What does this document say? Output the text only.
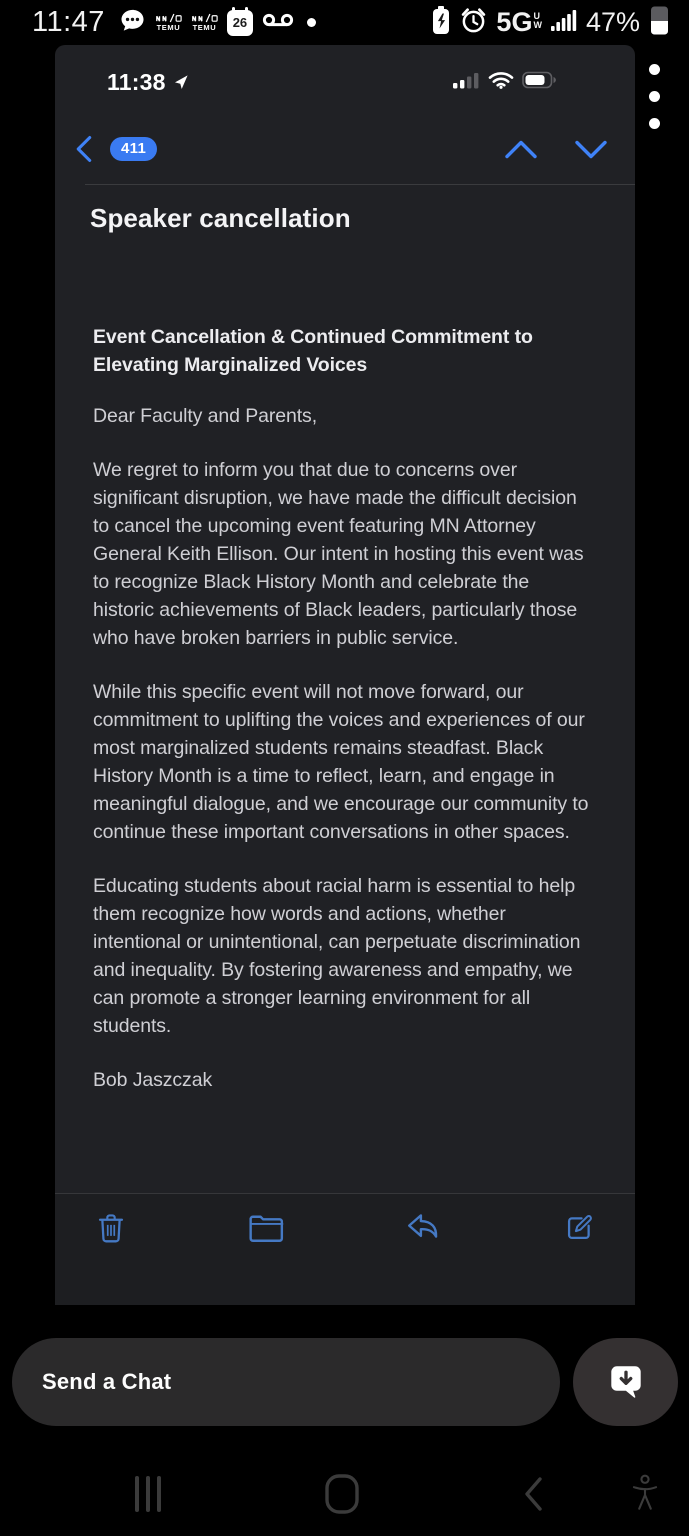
11:47	TEMU TEMU	26	5G U
W 47%
11:38
411
Speaker cancellation

Event Cancellation & Continued Commitment to Elevating Marginalized Voices

Dear Faculty and Parents,

We regret to inform you that due to concerns over significant disruption, we have made the difficult decision to cancel the upcoming event featuring MN Attorney General Keith Ellison. Our intent in hosting this event was to recognize Black History Month and celebrate the historic achievements of Black leaders, particularly those who have broken barriers in public service.

While this specific event will not move forward, our commitment to uplifting the voices and experiences of our most marginalized students remains steadfast. Black History Month is a time to reflect, learn, and engage in meaningful dialogue, and we encourage our community to continue these important conversations in other spaces.

Educating students about racial harm is essential to help them recognize how words and actions, whether intentional or unintentional, can perpetuate discrimination and inequality. By fostering awareness and empathy, we can promote a stronger learning environment for all students.

Bob Jaszczak

Send a Chat
